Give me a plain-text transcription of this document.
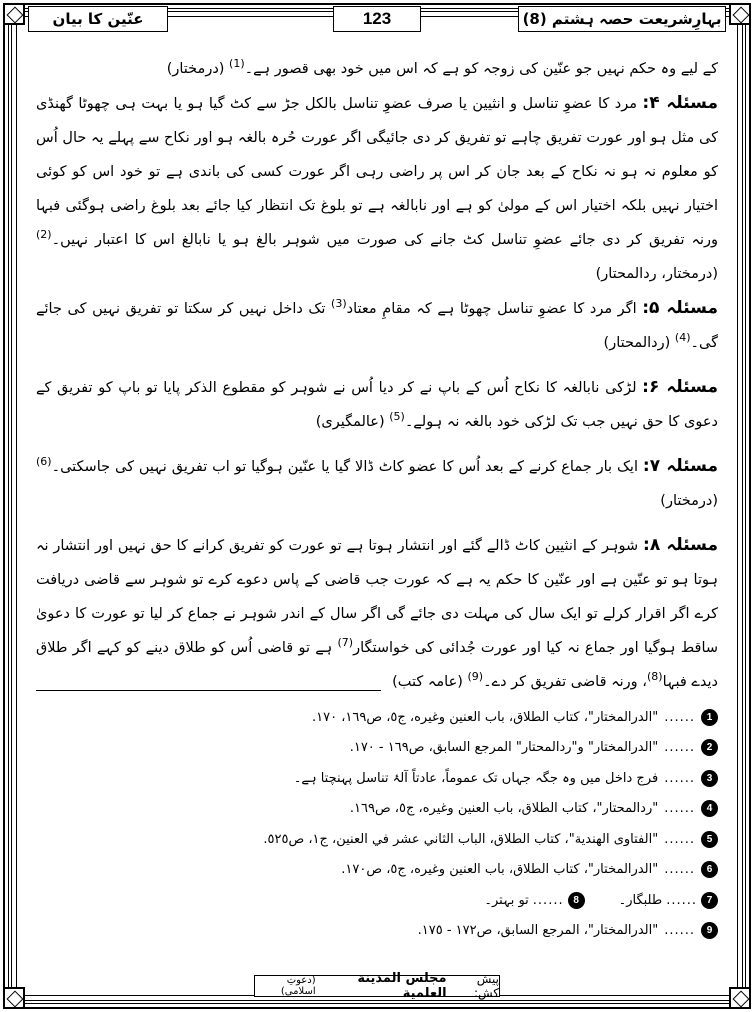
بہارِشریعت حصہ ہشتم (8)
123
عنّین کا بیان

کے لیے وہ حکم نہیں جو عنّین کی زوجہ کو ہے کہ اس میں خود بھی قصور ہے۔$^{(1)}$ (درمختار)

مسئلہ ۴: مرد کا عضوِ تناسل و انثیین یا صرف عضوِ تناسل بالکل جڑ سے کٹ گیا ہو یا بہت ہی چھوٹا گھنڈی کی مثل ہو اور عورت تفریق چاہے تو تفریق کر دی جائیگی اگر عورت حُرہ بالغہ ہو اور نکاح سے پہلے یہ حال اُس کو معلوم نہ ہو نہ نکاح کے بعد جان کر اس پر راضی رہی اگر عورت کسی کی باندی ہے تو خود اس کو کوئی اختیار نہیں بلکہ اختیار اس کے مولیٰ کو ہے اور نابالغہ ہے تو بلوغ تک انتظار کیا جائے بعد بلوغ راضی ہوگئی فبہا ورنہ تفریق کر دی جائے عضوِ تناسل کٹ جانے کی صورت میں شوہر بالغ ہو یا نابالغ اس کا اعتبار نہیں۔$^{(2)}$ (درمختار، ردالمحتار)

مسئلہ ۵: اگر مرد کا عضوِ تناسل چھوٹا ہے کہ مقامِ معتاد$^{(3)}$ تک داخل نہیں کر سکتا تو تفریق نہیں کی جائے گی۔$^{(4)}$ (ردالمحتار)

مسئلہ ۶: لڑکی نابالغہ کا نکاح اُس کے باپ نے کر دیا اُس نے شوہر کو مقطوع الذکر پایا تو باپ کو تفریق کے دعوی کا حق نہیں جب تک لڑکی خود بالغہ نہ ہولے۔$^{(5)}$ (عالمگیری)

مسئلہ ۷: ایک بار جماع کرنے کے بعد اُس کا عضو کاٹ ڈالا گیا یا عنّین ہوگیا تو اب تفریق نہیں کی جاسکتی۔$^{(6)}$ (درمختار)

مسئلہ ۸: شوہر کے انثیین کاٹ ڈالے گئے اور انتشار ہوتا ہے تو عورت کو تفریق کرانے کا حق نہیں اور انتشار نہ ہوتا ہو تو عنّین ہے اور عنّین کا حکم یہ ہے کہ عورت جب قاضی کے پاس دعوے کرے تو شوہر سے قاضی دریافت کرے اگر اقرار کرلے تو ایک سال کی مہلت دی جائے گی اگر سال کے اندر شوہر نے جماع کر لیا تو عورت کا دعویٰ ساقط ہوگیا اور جماع نہ کیا اور عورت جُدائی کی خواستگار$^{(7)}$ ہے تو قاضی اُس کو طلاق دینے کو کہے اگر طلاق دیدے فبہا$^{(8)}$، ورنہ قاضی تفریق کر دے۔$^{(9)}$ (عامہ کتب)

1
......
"الدرالمختار"، كتاب الطلاق، باب العنين وغيره، ج٥، ص١٦٩، ١٧٠.
2
......
"الدرالمختار" و"ردالمحتار" المرجع السابق، ص١٦٩ - ١٧٠.
3
......
فرج داخل میں وہ جگہ جہاں تک عموماً، عادتاً آلۂ تناسل پہنچتا ہے۔
4
......
"ردالمحتار"، كتاب الطلاق، باب العنين وغيره، ج٥، ص١٦٩.
5
......
"الفتاوى الهندية"، كتاب الطلاق، الباب الثاني عشر في العنين، ج١، ص٥٢٥.
6
......
"الدرالمختار"، كتاب الطلاق، باب العنين وغيره، ج٥، ص١٧٠.
7
......
طلبگار۔
8
......
تو بہتر۔
9
......
"الدرالمختار"، المرجع السابق، ص١٧٢ - ١٧٥.
پیش کش:
مجلس المدينة العلمية
(دعوتِ اسلامی)
